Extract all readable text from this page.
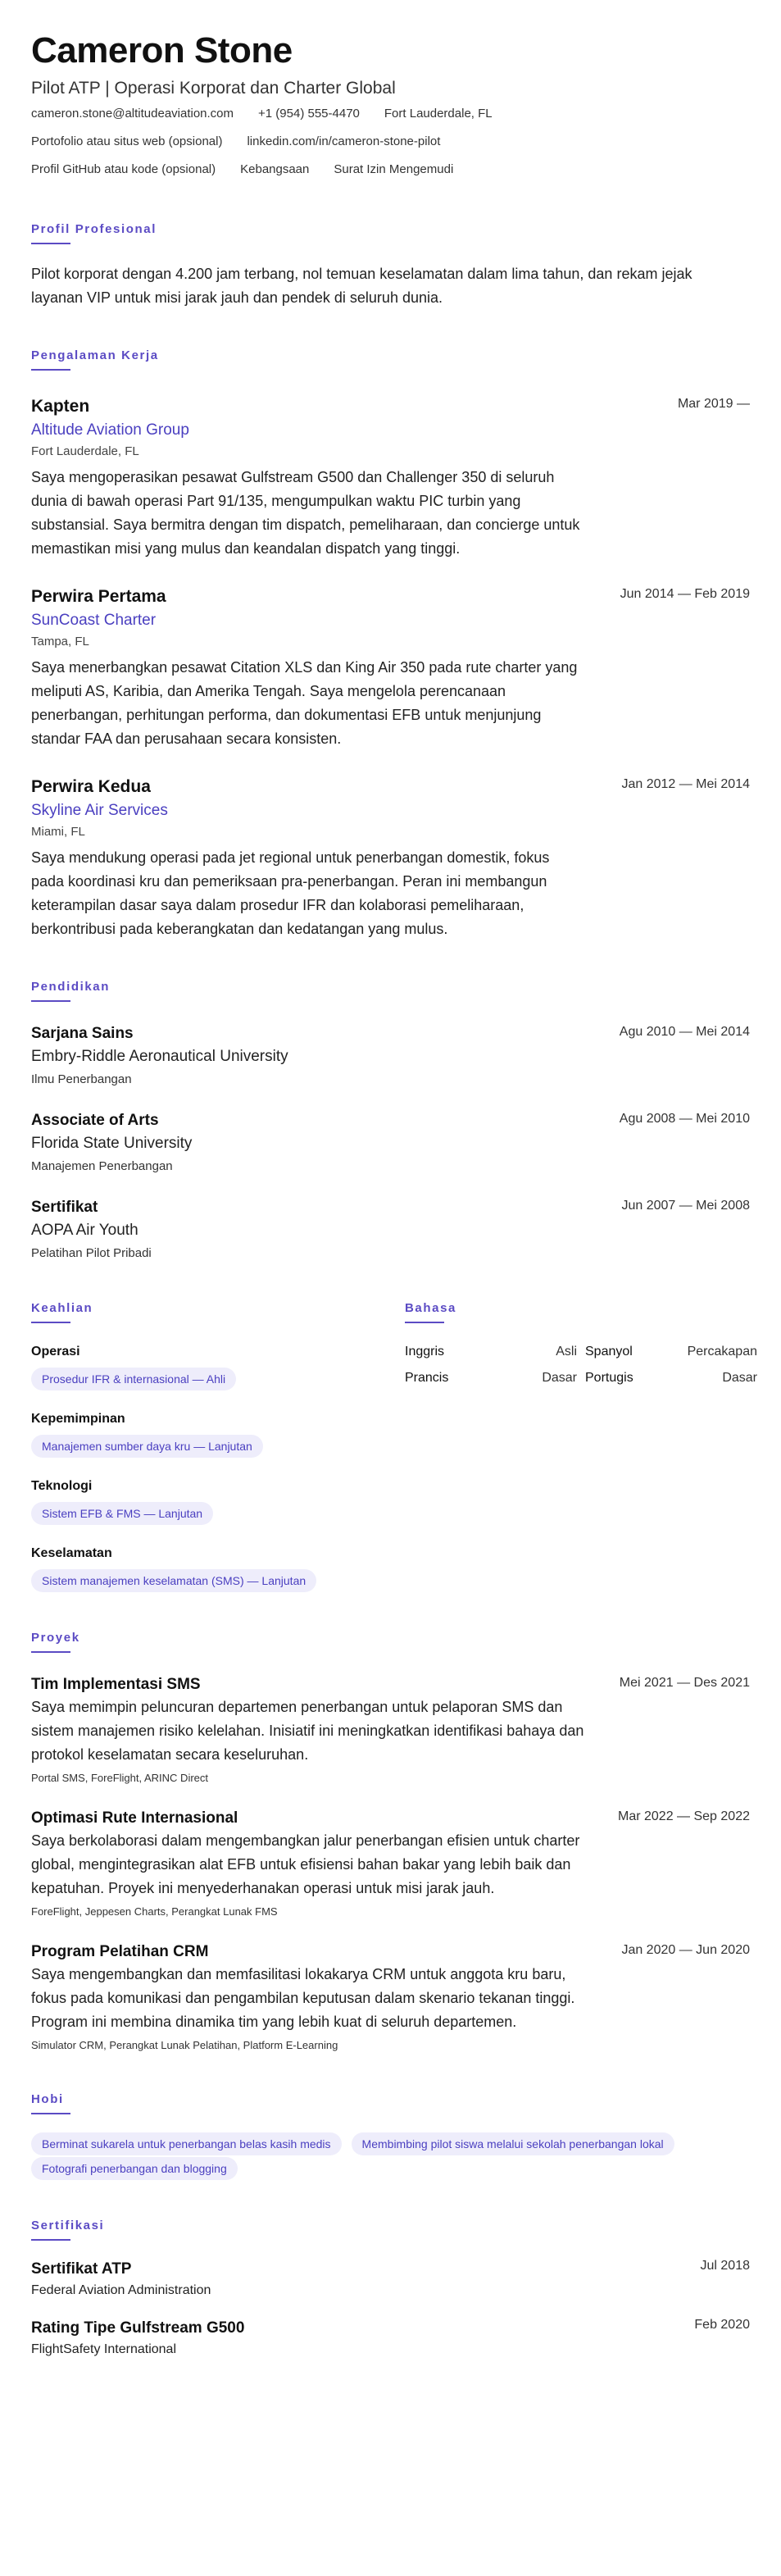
Cameron Stone
Pilot ATP | Operasi Korporat dan Charter Global
cameron.stone@altitudeaviation.com +1 (954) 555-4470 Fort Lauderdale, FL
Portofolio atau situs web (opsional) linkedin.com/in/cameron-stone-pilot
Profil GitHub atau kode (opsional) Kebangsaan Surat Izin Mengemudi
Profil Profesional
Pilot korporat dengan 4.200 jam terbang, nol temuan keselamatan dalam lima tahun, dan rekam jejak layanan VIP untuk misi jarak jauh dan pendek di seluruh dunia.
Pengalaman Kerja
Mar 2019 —
Kapten
Altitude Aviation Group
Fort Lauderdale, FL
Saya mengoperasikan pesawat Gulfstream G500 dan Challenger 350 di seluruh dunia di bawah operasi Part 91/135, mengumpulkan waktu PIC turbin yang substansial. Saya bermitra dengan tim dispatch, pemeliharaan, dan concierge untuk memastikan misi yang mulus dan keandalan dispatch yang tinggi.
Jun 2014 — Feb 2019
Perwira Pertama
SunCoast Charter
Tampa, FL
Saya menerbangkan pesawat Citation XLS dan King Air 350 pada rute charter yang meliputi AS, Karibia, dan Amerika Tengah. Saya mengelola perencanaan penerbangan, perhitungan performa, dan dokumentasi EFB untuk menjunjung standar FAA dan perusahaan secara konsisten.
Jan 2012 — Mei 2014
Perwira Kedua
Skyline Air Services
Miami, FL
Saya mendukung operasi pada jet regional untuk penerbangan domestik, fokus pada koordinasi kru dan pemeriksaan pra-penerbangan. Peran ini membangun keterampilan dasar saya dalam prosedur IFR dan kolaborasi pemeliharaan, berkontribusi pada keberangkatan dan kedatangan yang mulus.
Pendidikan
Agu 2010 — Mei 2014
Sarjana Sains
Embry-Riddle Aeronautical University
Ilmu Penerbangan
Agu 2008 — Mei 2010
Associate of Arts
Florida State University
Manajemen Penerbangan
Jun 2007 — Mei 2008
Sertifikat
AOPA Air Youth
Pelatihan Pilot Pribadi
Keahlian
Operasi
Prosedur IFR & internasional — Ahli
Kepemimpinan
Manajemen sumber daya kru — Lanjutan
Teknologi
Sistem EFB & FMS — Lanjutan
Keselamatan
Sistem manajemen keselamatan (SMS) — Lanjutan
Bahasa
Inggris	Asli Spanyol	Percakapan
Prancis	Dasar Portugis	Dasar
Proyek
Mei 2021 — Des 2021
Tim Implementasi SMS
Saya memimpin peluncuran departemen penerbangan untuk pelaporan SMS dan sistem manajemen risiko kelelahan. Inisiatif ini meningkatkan identifikasi bahaya dan protokol keselamatan secara keseluruhan.
Portal SMS, ForeFlight, ARINC Direct
Mar 2022 — Sep 2022
Optimasi Rute Internasional
Saya berkolaborasi dalam mengembangkan jalur penerbangan efisien untuk charter global, mengintegrasikan alat EFB untuk efisiensi bahan bakar yang lebih baik dan kepatuhan. Proyek ini menyederhanakan operasi untuk misi jarak jauh.
ForeFlight, Jeppesen Charts, Perangkat Lunak FMS
Jan 2020 — Jun 2020
Program Pelatihan CRM
Saya mengembangkan dan memfasilitasi lokakarya CRM untuk anggota kru baru, fokus pada komunikasi dan pengambilan keputusan dalam skenario tekanan tinggi. Program ini membina dinamika tim yang lebih kuat di seluruh departemen.
Simulator CRM, Perangkat Lunak Pelatihan, Platform E-Learning
Hobi
Berminat sukarela untuk penerbangan belas kasih medis	Membimbing pilot siswa melalui sekolah penerbangan lokal
Fotografi penerbangan dan blogging
Sertifikasi
Jul 2018
Sertifikat ATP
Federal Aviation Administration
Feb 2020
Rating Tipe Gulfstream G500
FlightSafety International
